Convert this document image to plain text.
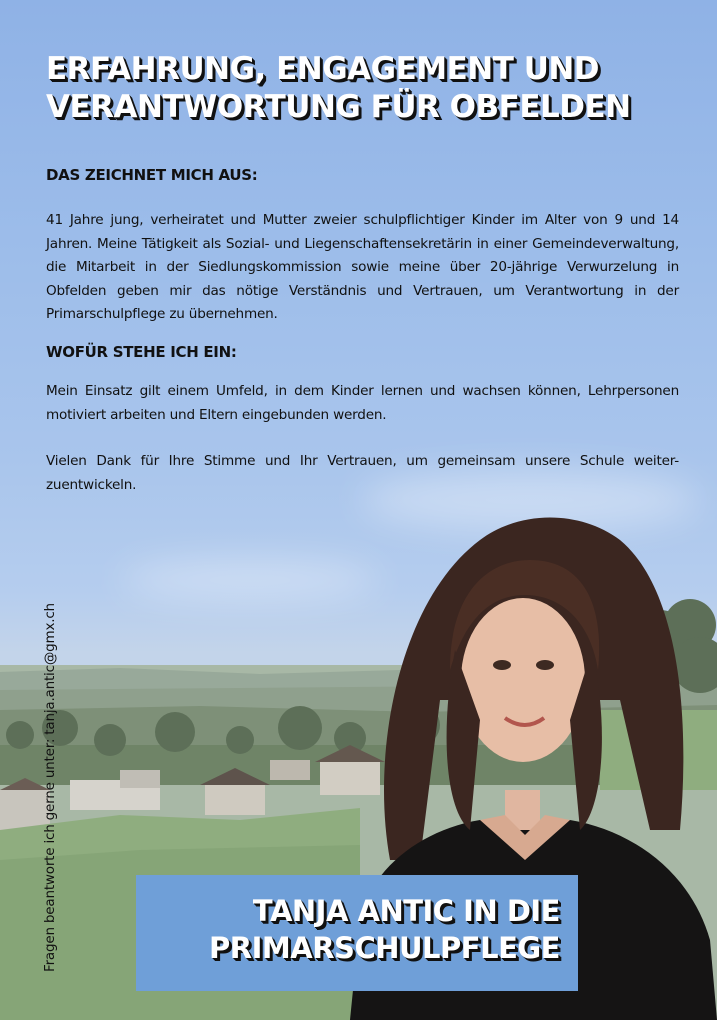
ERFAHRUNG, ENGAGEMENT UND
VERANTWORTUNG FÜR OBFELDEN
DAS ZEICHNET MICH AUS:

41 Jahre jung, verheiratet und Mutter zweier schulpflichtiger Kinder im Alter von 9 und 14 Jahren. Meine Tätigkeit als Sozial- und Liegenschaftensekretärin in einer Gemeindeverwaltung, die Mitarbeit in der Siedlungskommission sowie meine über 20-jährige Verwurzelung in Obfelden geben mir das nötige Verständnis und Vertrauen, um Verantwortung in der Primarschulpflege zu übernehmen.

WOFÜR STEHE ICH EIN:

Mein Einsatz gilt einem Umfeld, in dem Kinder lernen und wachsen können, Lehrpersonen motiviert arbeiten und Eltern eingebunden werden.

Vielen Dank für Ihre Stimme und Ihr Vertrauen, um gemeinsam unsere Schule weiter-zuentwickeln.

Fragen beantworte ich gerne unter: tanja.antic@gmx.ch	TANJA ANTIC IN DIE
PRIMARSCHULPFLEGE
